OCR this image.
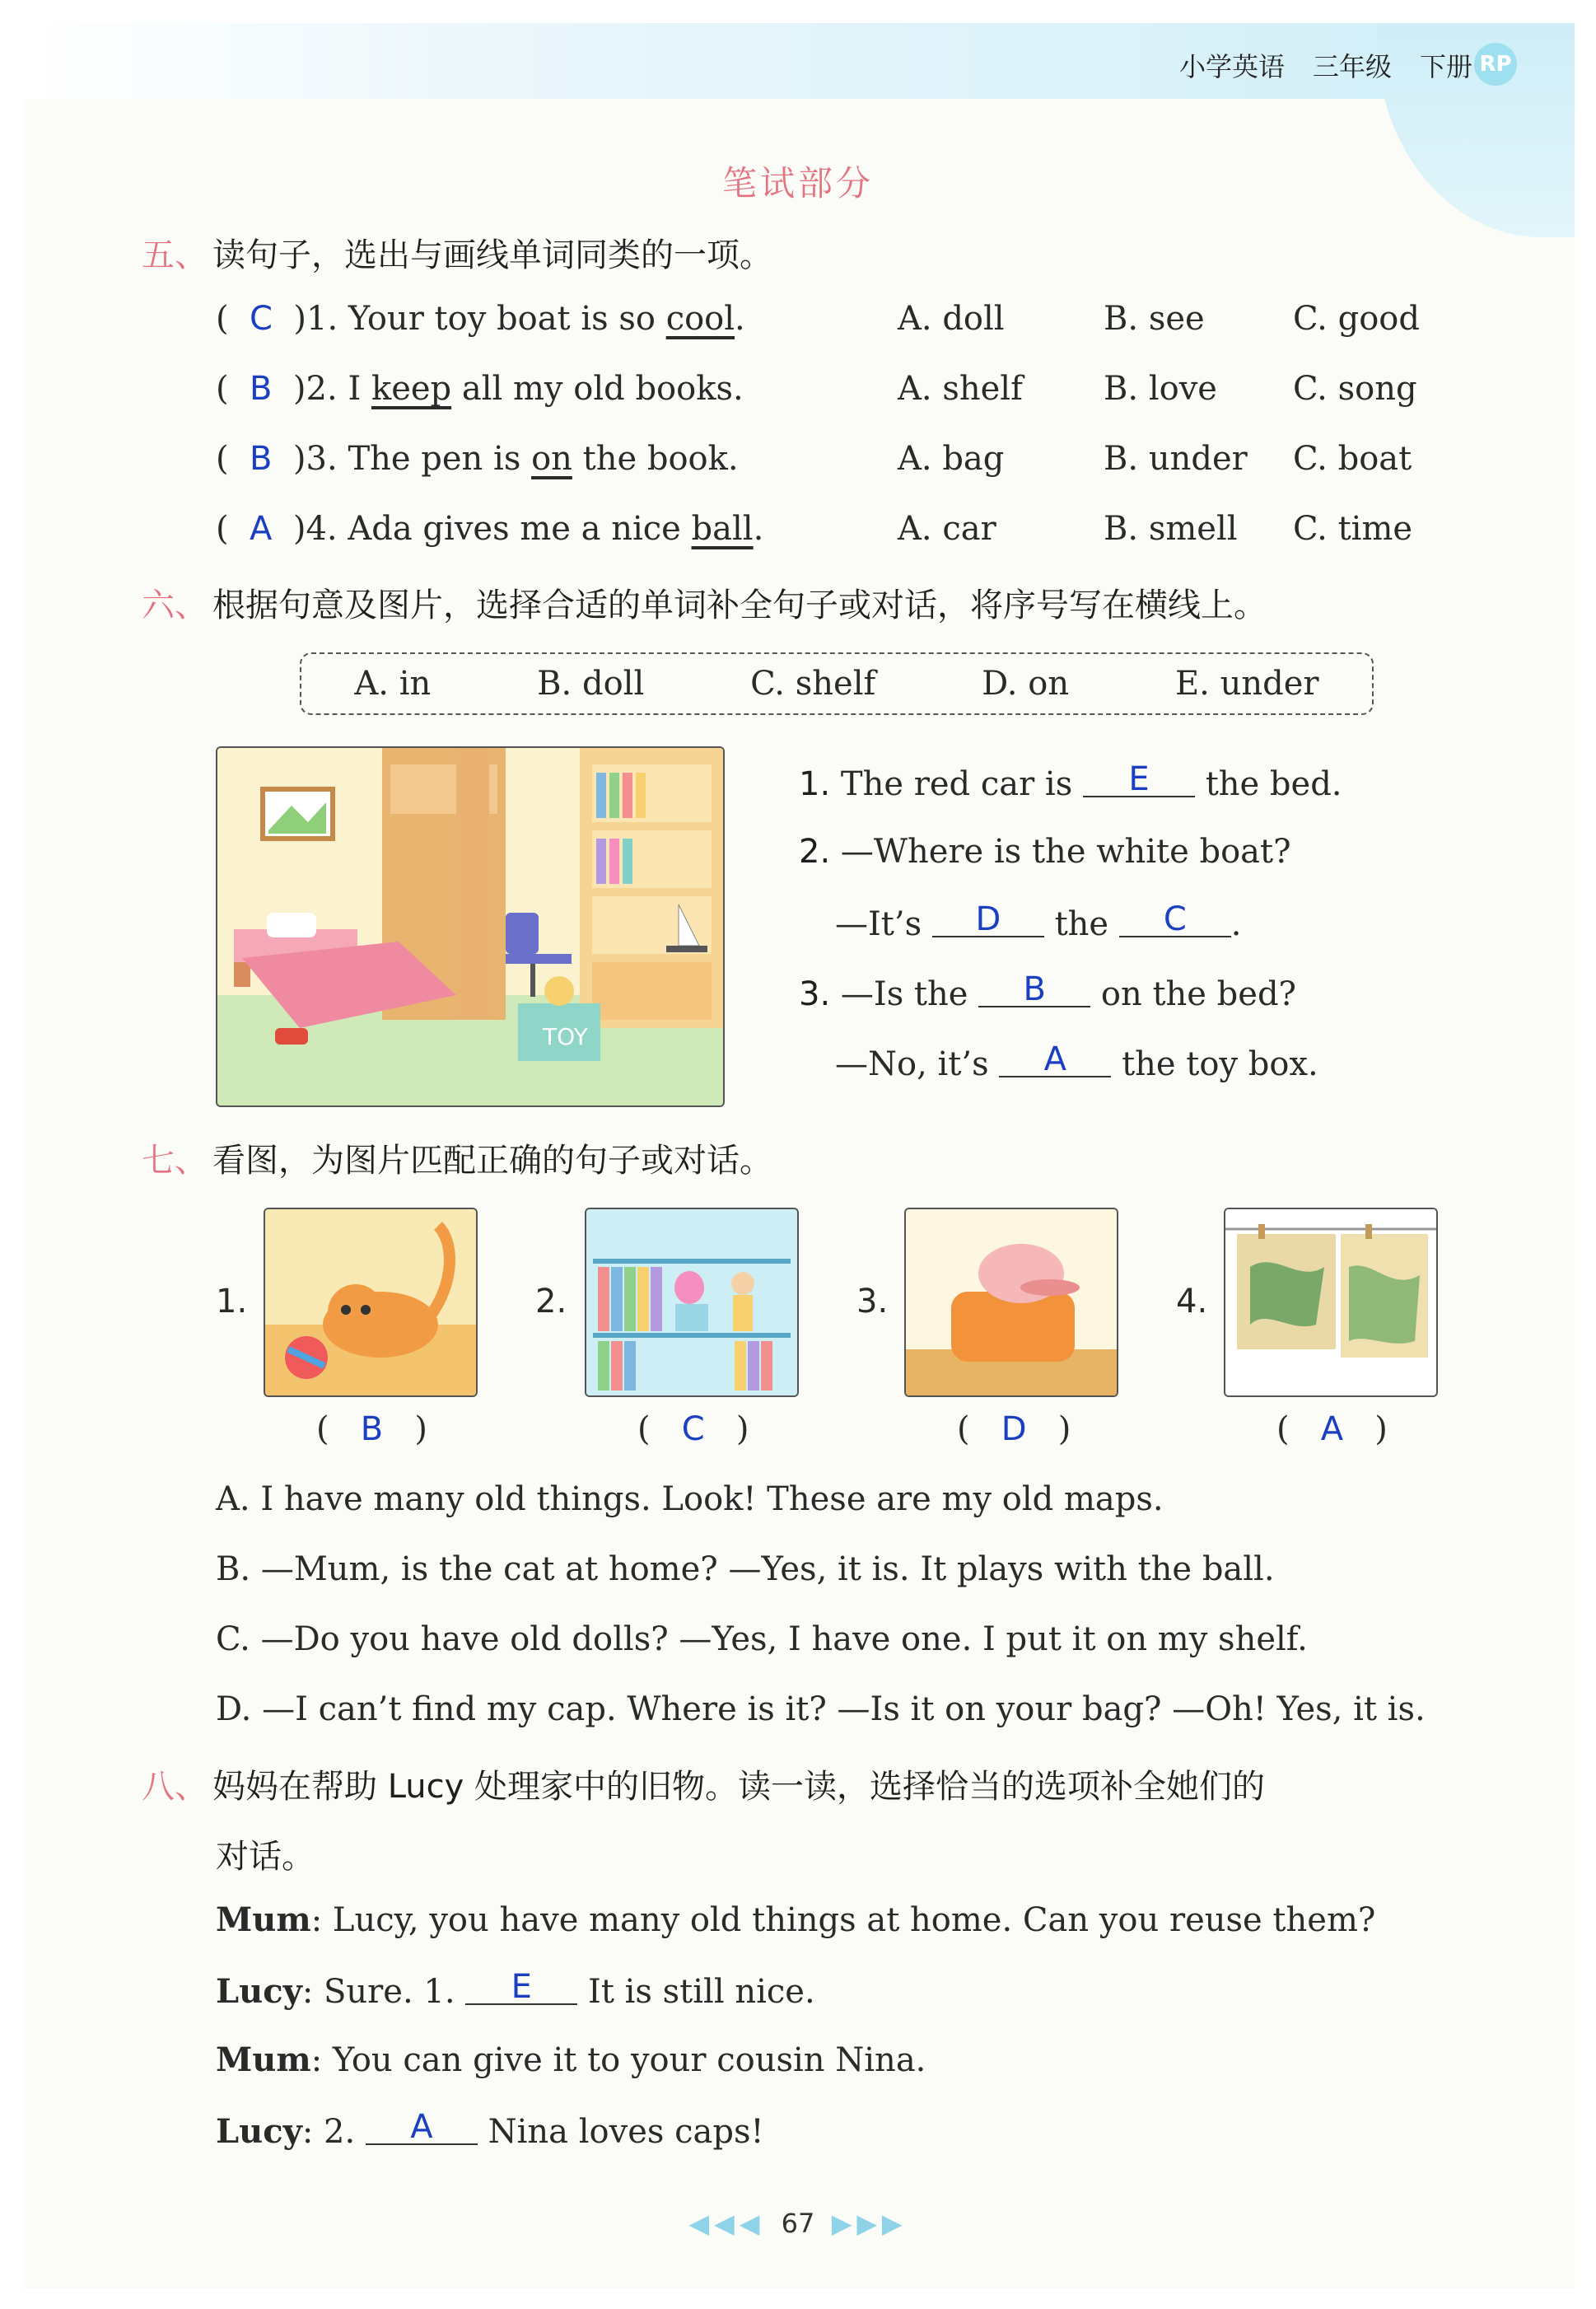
小学英语 三年级 下册 RP
笔试部分
五、 读句子，选出与画线单词同类的一项。
(  C  )1. Your toy boat is so cool.	A. doll	B. see	C. good
(  B  )2. I keep all my old books.	A. shelf B. love C. song
(  B  )3. The pen is on the book.	A. bag	B. under C. boat
(  A  )4. Ada gives me a nice ball.	A. car	B. smell C. time
六、 根据句意及图片，选择合适的单词补全句子或对话，将序号写在横线上。
A. in	B. doll	C. shelf	D. on	E. under
TOY
1. The red car is E the bed.
2. —Where is the white boat?
—It’s D the C .
3. —Is the B on the bed?
—No, it’s A the toy box.
七、 看图，为图片匹配正确的句子或对话。
1.
(   B   )
2.
(   C   )
3.
(   D   )
4.
(   A   )
A. I have many old things. Look! These are my old maps.
B. —Mum, is the cat at home? —Yes, it is. It plays with the ball.
C. —Do you have old dolls? —Yes, I have one. I put it on my shelf.
D. —I can’t find my cap. Where is it? —Is it on your bag? —Oh! Yes, it is.
八、 妈妈在帮助 Lucy 处理家中的旧物。读一读，选择恰当的选项补全她们的
对话。
Mum: Lucy, you have many old things at home. Can you reuse them?
Lucy: Sure. 1. E It is still nice.
Mum: You can give it to your cousin Nina.
Lucy: 2. A Nina loves caps!
◀◀◀ 67 ▶▶▶
